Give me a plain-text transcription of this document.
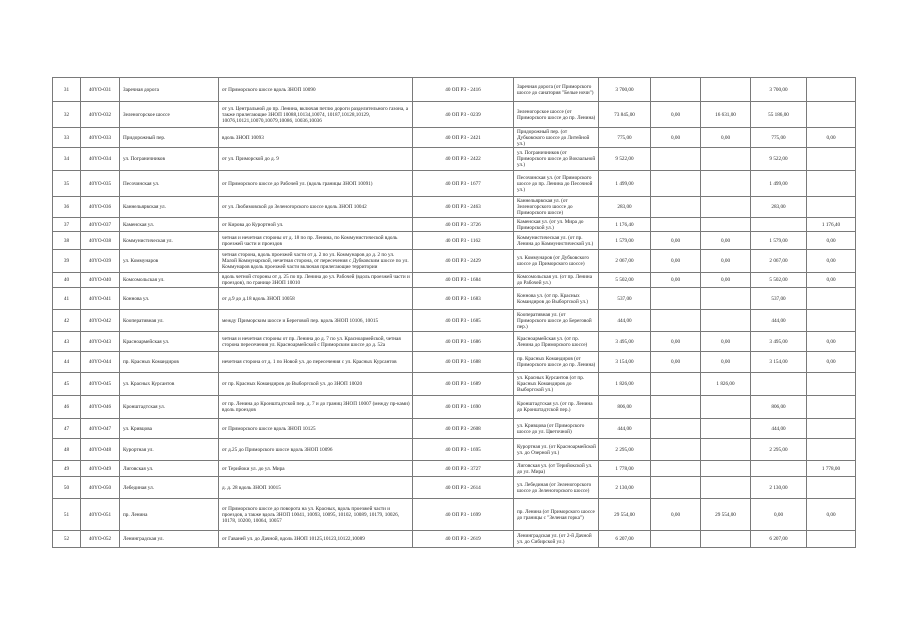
31	40YO-031	Заречная дорога	от Приморского шоссе вдоль ЗНОП 10090	40 ОП РЗ - 2416	Заречная дорога (от Приморского шоссе до санатория "Белые ночи")	3 700,00			3 700,00	

32	40YO-032	Зеленогорское шоссе	от ул. Центральной до пр. Ленина, включая петлю дороги разделительного газона, а также прилегающие ЗНОП 10088,10134,10074, 10187,10128,10129, 10076,10121,10070,10079,10086, 10036,10036	40 ОП РЗ - 0239	Зеленогорское шоссе (от Приморского шоссе до пр. Ленина)	73 845,00	0,00	16 631,00	55 186,00	

33	40YO-033	Придорожный пер.	вдоль ЗНОП 10093	40 ОП РЗ - 2421	Придорожный пер. (от Дубковского шоссе до Литейной ул.)	775,00	0,00	0,00	775,00	0,00

34	40YO-034	ул. Пограничников	от ул. Приморской до д. 9	40 ОП РЗ - 2422	ул. Пограничников (от Приморского шоссе до Вокзальной ул.)	9 522,00			9 522,00	

35	40YO-035	Песочинская ул.	от Приморского шоссе до Рабочей ул. (вдоль границы ЗНОП 10091)	40 ОП РЗ - 1677	Песочинская ул. (от Приморского шоссе до пр. Ленина до Песочной ул.)	1 499,00			1 499,00	

36	40YO-036	Каннельярвская ул.	от ул. Любимовской до Зеленогорского шоссе вдоль ЗНОП 10042	40 ОП РЗ - 2463	Каннельярвская ул. (от Зеленогорского шоссе до Приморского шоссе)	283,00			283,00	

37	40YO-037	Каменская ул.	от Кирова до Курортной ул.	40 ОП РЗ - 3726	Каменская ул. (от ул. Мира до Приморской ул.)	1 176,40				1 176,40

38	40YO-038	Коммунистическая ул.	четная и нечетная стороны от д. 18 по пр. Ленина, по Коммунистической вдоль проезжей части и проездов	40 ОП РЗ - 1162	Коммунистическая ул. (от пр. Ленина до Коммунистической ул.)	1 579,00	0,00	0,00	1 579,00	0,00

39	40YO-039	ул. Коммунаров	четная сторона, вдоль проезжей части от д. 2 по ул. Коммунаров до д. 2 по ул. Малой Коммунарской, нечетная сторона, от пересечения с Дубковским шоссе по ул. Коммунаров вдоль проезжей части включая прилегающие территории	40 ОП РЗ - 2429	ул. Коммунаров (от Дубковского шоссе до Приморского шоссе)	2 067,00	0,00	0,00	2 067,00	0,00

40	40YO-040	Комсомольская ул.	вдоль четной стороны от д. 25 по пр. Ленина до ул. Рабочей (вдоль проезжей части и проездов), по границе ЗНОП 10010	40 ОП РЗ - 1684	Комсомольская ул. (от пр. Ленина до Рабочей ул.)	5 502,00	0,00	0,00	5 502,00	0,00

41	40YO-041	Коннова ул.	от д.9 до д.18 вдоль ЗНОП 10058	40 ОП РЗ - 1683	Коннова ул. (от пр. Красных Командиров до Выборгской ул.)	537,00			537,00	

42	40YO-042	Кооперативная ул.	между Приморским шоссе и Береговой пер. вдоль ЗНОП 10106, 10015	40 ОП РЗ - 1685	Кооперативная ул. (от Приморского шоссе до Береговой пер.)	444,00			444,00	

43	40YO-043	Красноармейская ул.	четная и нечетная стороны от пр. Ленина до д. 7 по ул. Красноармейской, четная сторона пересечения ул. Красноармейской с Приморским шоссе до д. 52а	40 ОП РЗ - 1686	Красноармейская ул. (от пр. Ленина до Приморского шоссе)	3 495,00	0,00	0,00	3 495,00	0,00

44	40YO-044	пр. Красных Командиров	нечетная сторона от д. 1 по Новой ул. до пересечения с ул. Красных Курсантов	40 ОП РЗ - 1688	пр. Красных Командиров (от Приморского шоссе до пр. Ленина)	3 154,00	0,00	0,00	3 154,00	0,00

45	40YO-045	ул. Красных Курсантов	от пр. Красных Командиров до Выборгской ул. до ЗНОП 10020	40 ОП РЗ - 1689	ул. Красных Курсантов (от пр. Красных Командиров до Выборгской ул.)	1 826,00		1 826,00		

46	40YO-046	Кронштадтская ул.	от пр. Ленина до Кронштадтской пер. д. 7 и до границ ЗНОП 10007 (между пр-ками) вдоль проездов	40 ОП РЗ - 1690	Кронштадтская ул. (от пр. Ленина до Кронштадтской пер.)	806,00			806,00	

47	40YO-047	ул. Кривцова	от Приморского шоссе вдоль ЗНОП 10125	40 ОП РЗ - 2608	ул. Кривцова (от Приморского шоссе до ул. Цветочной)	444,00			444,00	

48	40YO-048	Курортная ул.	от д.25 до Приморского шоссе вдоль ЗНОП 10096	40 ОП РЗ - 1695	Курортная ул. (от Красноармейской ул. до Озерной ул.)	2 295,00			2 295,00	

49	40YO-049	Лиговская ул.	от Терийоки ул. до ул. Мира	40 ОП РЗ - 3727	Лиговская ул. (от Терийокской ул. до ул. Мира)	1 778,00				1 778,00

50	40YO-050	Лебединая ул.	д. д. 28 вдоль ЗНОП 10015	40 ОП РЗ - 2614	ул. Лебединая (от Зеленогорского шоссе до Зеленогорского шоссе)	2 130,00			2 130,00	

51	40YO-051	пр. Ленина	от Приморского шоссе до поворота на ул. Красных, вдоль проезжей части и проездов, а также вдоль ЗНОП 10041, 10093, 10095, 10102, 10089, 10179, 10026, 10178, 10200, 10064, 10057	40 ОП РЗ - 1699	пр. Ленина (от Приморского шоссе до границы с "Зеленая горка")	29 554,00	0,00	29 554,00	0,00	0,00

52	40YO-052	Ленинградская ул.	от Гаваней ул. до Дачной, вдоль ЗНОП 10125,10123,10122,10089	40 ОП РЗ - 2619	Ленинградская ул. (от 2-й Дачной ул. до Сибирской ул.)	6 207,00			6 207,00	
